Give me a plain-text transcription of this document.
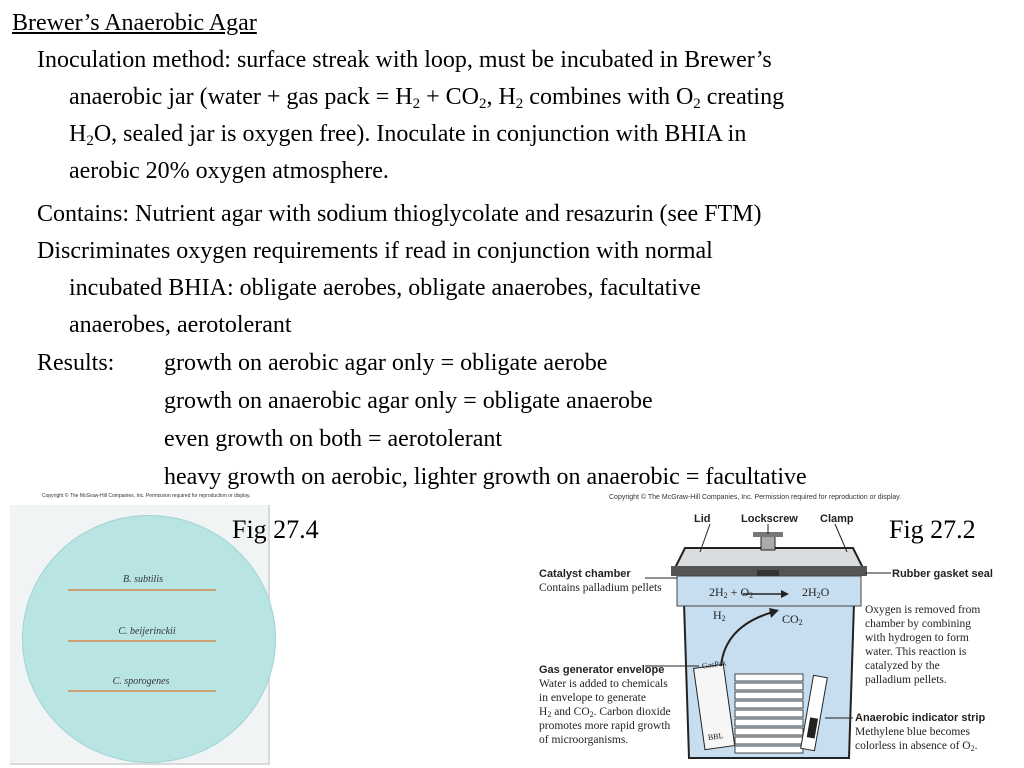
Brewer’s Anaerobic Agar
Inoculation method: surface streak with loop, must be incubated in Brewer’s
anaerobic jar (water + gas pack = $H_2 + CO_2$, $H_2$ combines with $O_2$ creating
$H_2O$, sealed jar is oxygen free). Inoculate in conjunction with BHIA in
aerobic 20% oxygen atmosphere.
Contains: Nutrient agar with sodium thioglycolate and resazurin (see FTM)
Discriminates oxygen requirements if read in conjunction with normal
incubated BHIA: obligate aerobes, obligate anaerobes, facultative
anaerobes, aerotolerant
Results: growth on aerobic agar only = obligate aerobe
growth on anaerobic agar only = obligate anaerobe
even growth on both = aerotolerant
heavy growth on aerobic, lighter growth on anaerobic = facultative
Copyright © The McGraw-Hill Companies, Inc. Permission required for reproduction or display.
B. subtilis
C. beijerinckii
C. sporogenes
Fig 27.4
Copyright © The McGraw-Hill Companies, Inc. Permission required for reproduction or display.
Fig 27.2
Lid	Lockscrew Clamp
$2H_2 + O_2$	$2H_2O$
$H_2$	$CO_2$
GasPak
BBL
Catalyst chamber
Contains palladium pellets
Rubber gasket seal
Oxygen is removed from
chamber by combining
with hydrogen to form
water. This reaction is
catalyzed by the
palladium pellets.
Gas generator envelope
Water is added to chemicals
in envelope to generate
$H_2$ and $CO_2$. Carbon dioxide
promotes more rapid growth
of microorganisms.
Anaerobic indicator strip
Methylene blue becomes
colorless in absence of $O_2$.
